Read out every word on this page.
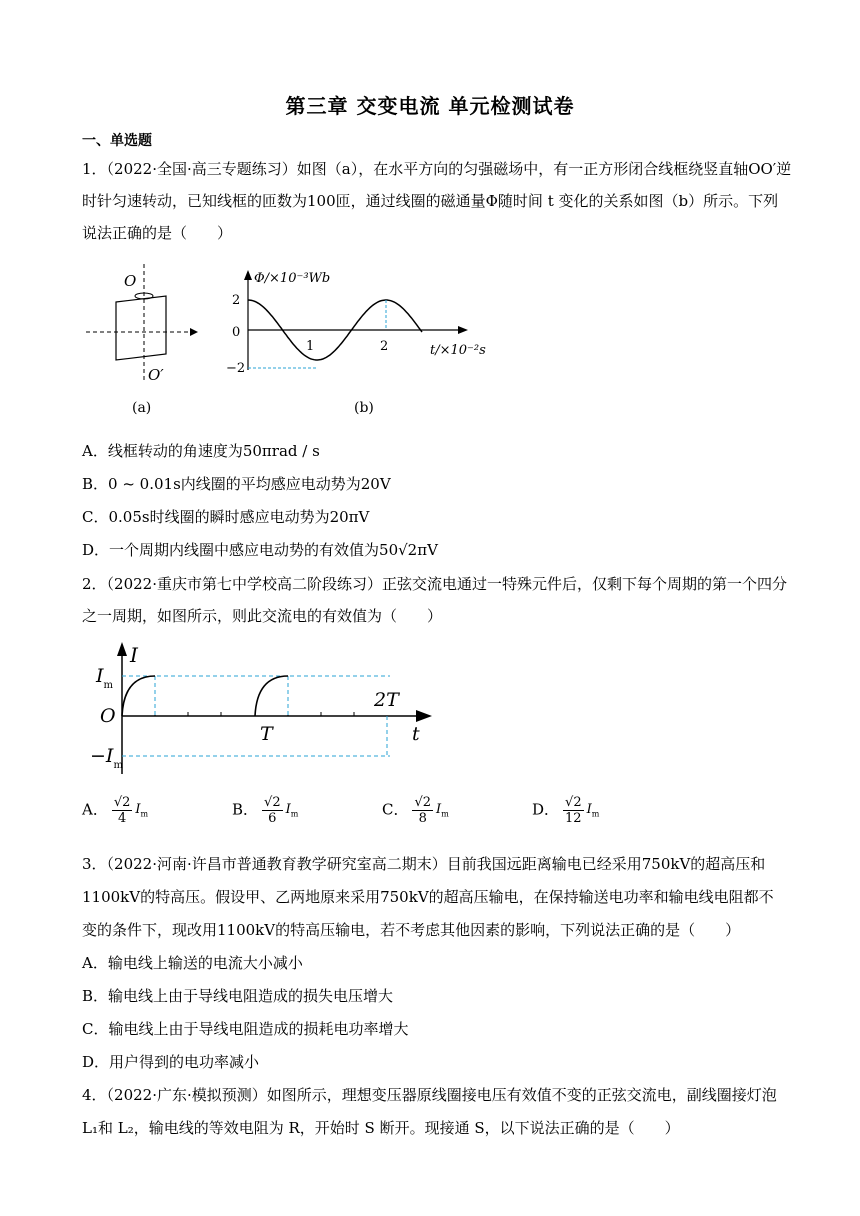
第三章 交变电流 单元检测试卷
一、单选题
1．（2022·全国·高三专题练习）如图（a），在水平方向的匀强磁场中，有一正方形闭合线框绕竖直轴OO′逆
时针匀速转动，已知线框的匝数为100匝，通过线圈的磁通量Φ随时间 t 变化的关系如图（b）所示。下列
说法正确的是（　　）
O
O′
(a)
Φ/×10⁻³Wb
2
0
−2
1	2	t/×10⁻²s
(b)
A．线框转动的角速度为50πrad / s
B．0 ~ 0.01s内线圈的平均感应电动势为20V
C．0.05s时线圈的瞬时感应电动势为20πV
D．一个周期内线圈中感应电动势的有效值为50√2πV
2．（2022·重庆市第七中学校高二阶段练习）正弦交流电通过一特殊元件后，仅剩下每个周期的第一个四分
之一周期，如图所示，则此交流电的有效值为（　　）
I
$I_m$
O
$-I_m$
T
2T
t
A． $\frac{√2}{4} I_m$	B． $\frac{√2}{6} I_m$	C． $\frac{√2}{8} I_m$	D． $\frac{√2}{12} I_m$
3．（2022·河南·许昌市普通教育教学研究室高二期末）目前我国远距离输电已经采用750kV的超高压和
1100kV的特高压。假设甲、乙两地原来采用750kV的超高压输电，在保持输送电功率和输电线电阻都不
变的条件下，现改用1100kV的特高压输电，若不考虑其他因素的影响，下列说法正确的是（　　）
A．输电线上输送的电流大小减小
B．输电线上由于导线电阻造成的损失电压增大
C．输电线上由于导线电阻造成的损耗电功率增大
D．用户得到的电功率减小
4．（2022·广东·模拟预测）如图所示，理想变压器原线圈接电压有效值不变的正弦交流电，副线圈接灯泡
L₁和 L₂，输电线的等效电阻为 R，开始时 S 断开。现接通 S，以下说法正确的是（　　）
